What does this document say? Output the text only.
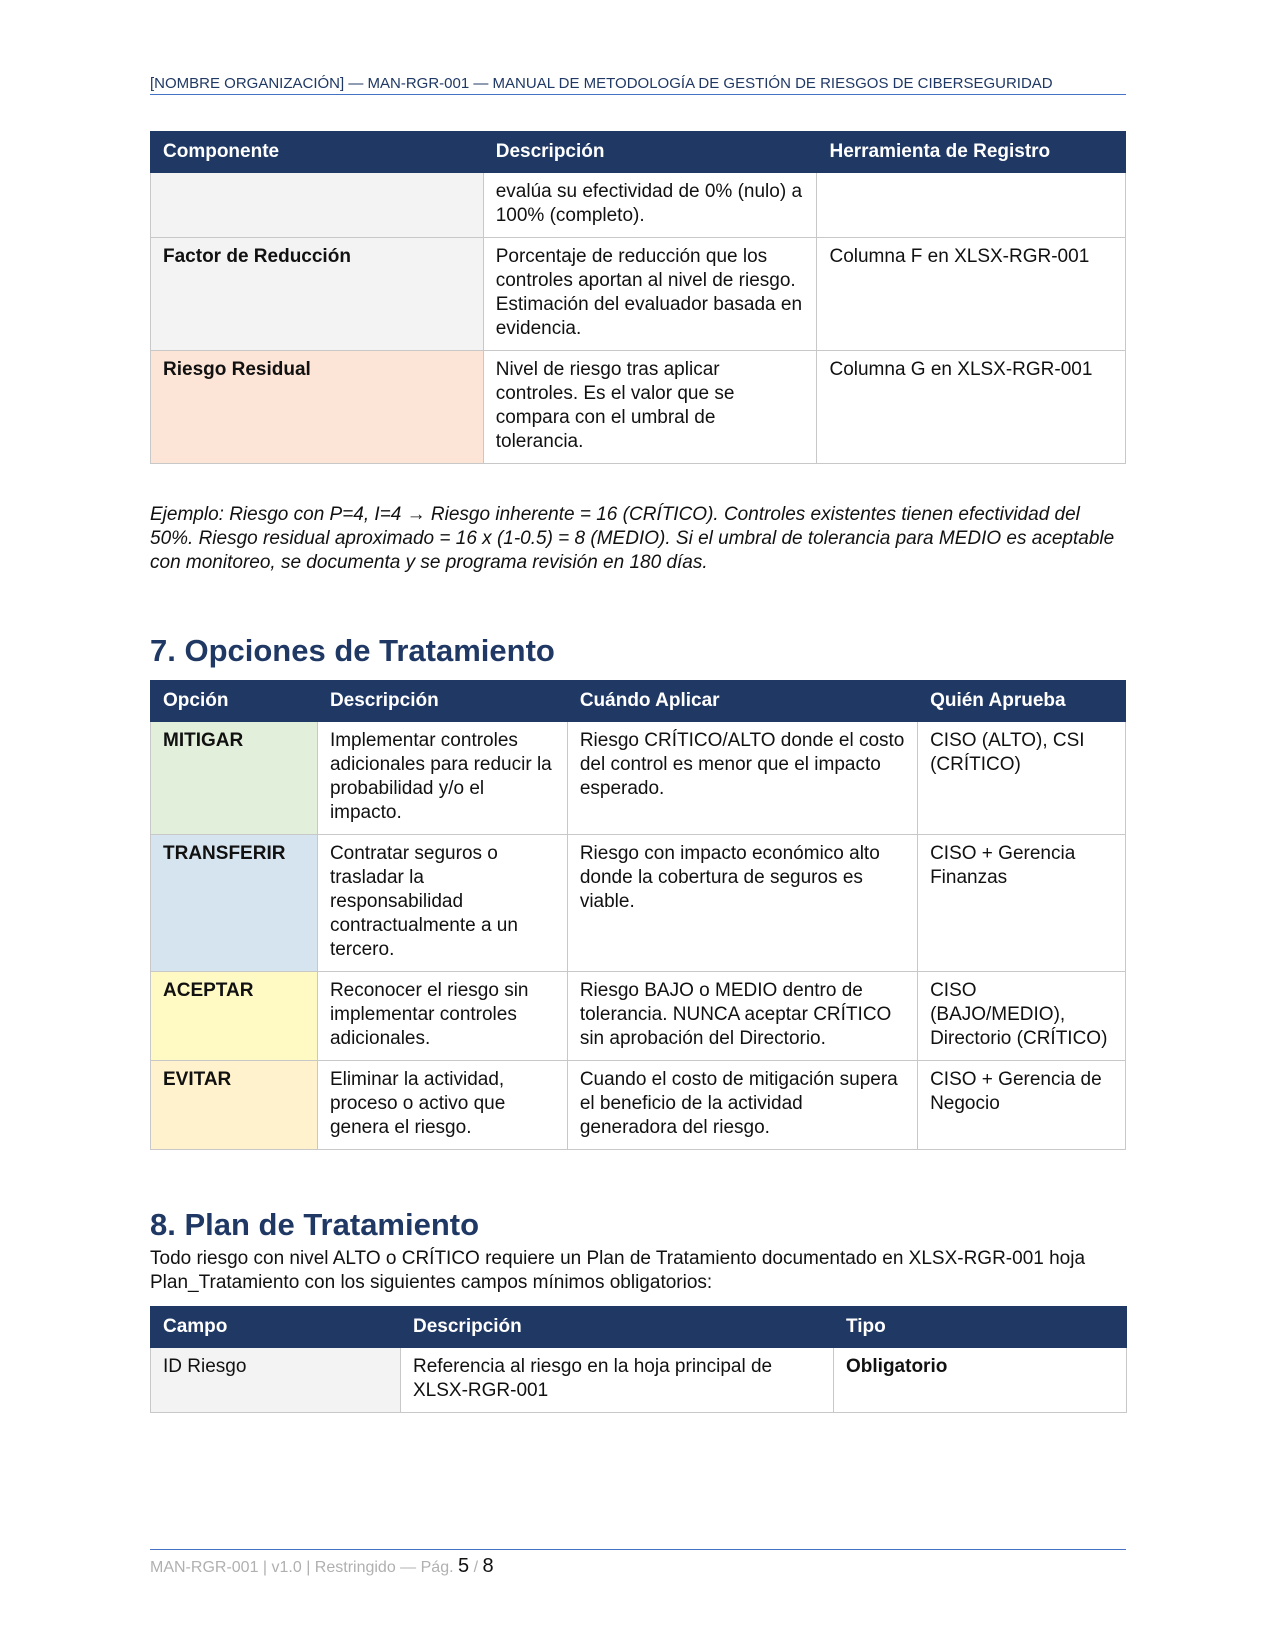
[NOMBRE ORGANIZACIÓN] — MAN-RGR-001 — MANUAL DE METODOLOGÍA DE GESTIÓN DE RIESGOS DE CIBERSEGURIDAD
Componente	Descripción	Herramienta de Registro
	evalúa su efectividad de 0% (nulo) a 100% (completo).	
Factor de Reducción	Porcentaje de reducción que los controles aportan al nivel de riesgo. Estimación del evaluador basada en evidencia.	Columna F en XLSX-RGR-001
Riesgo Residual	Nivel de riesgo tras aplicar controles. Es el valor que se compara con el umbral de tolerancia.	Columna G en XLSX-RGR-001

Ejemplo: Riesgo con P=4, I=4 → Riesgo inherente = 16 (CRÍTICO). Controles existentes tienen efectividad del 50%. Riesgo residual aproximado = 16 x (1-0.5) = 8 (MEDIO). Si el umbral de tolerancia para MEDIO es aceptable con monitoreo, se documenta y se programa revisión en 180 días.

7. Opciones de Tratamiento
Opción	Descripción	Cuándo Aplicar	Quién Aprueba
MITIGAR	Implementar controles adicionales para reducir la probabilidad y/o el impacto.	Riesgo CRÍTICO/ALTO donde el costo del control es menor que el impacto esperado.	CISO (ALTO), CSI (CRÍTICO)
TRANSFERIR	Contratar seguros o trasladar la responsabilidad contractualmente a un tercero.	Riesgo con impacto económico alto donde la cobertura de seguros es viable.	CISO + Gerencia Finanzas
ACEPTAR	Reconocer el riesgo sin implementar controles adicionales.	Riesgo BAJO o MEDIO dentro de tolerancia. NUNCA aceptar CRÍTICO sin aprobación del Directorio.	CISO (BAJO/MEDIO), Directorio (CRÍTICO)
EVITAR	Eliminar la actividad, proceso o activo que genera el riesgo.	Cuando el costo de mitigación supera el beneficio de la actividad generadora del riesgo.	CISO + Gerencia de Negocio
8. Plan de Tratamiento
Todo riesgo con nivel ALTO o CRÍTICO requiere un Plan de Tratamiento documentado en XLSX-RGR-001 hoja Plan_Tratamiento con los siguientes campos mínimos obligatorios:
Campo	Descripción	Tipo
ID Riesgo	Referencia al riesgo en la hoja principal de XLSX-RGR-001	Obligatorio
MAN-RGR-001 | v1.0 | Restringido — Pág. 5 / 8
